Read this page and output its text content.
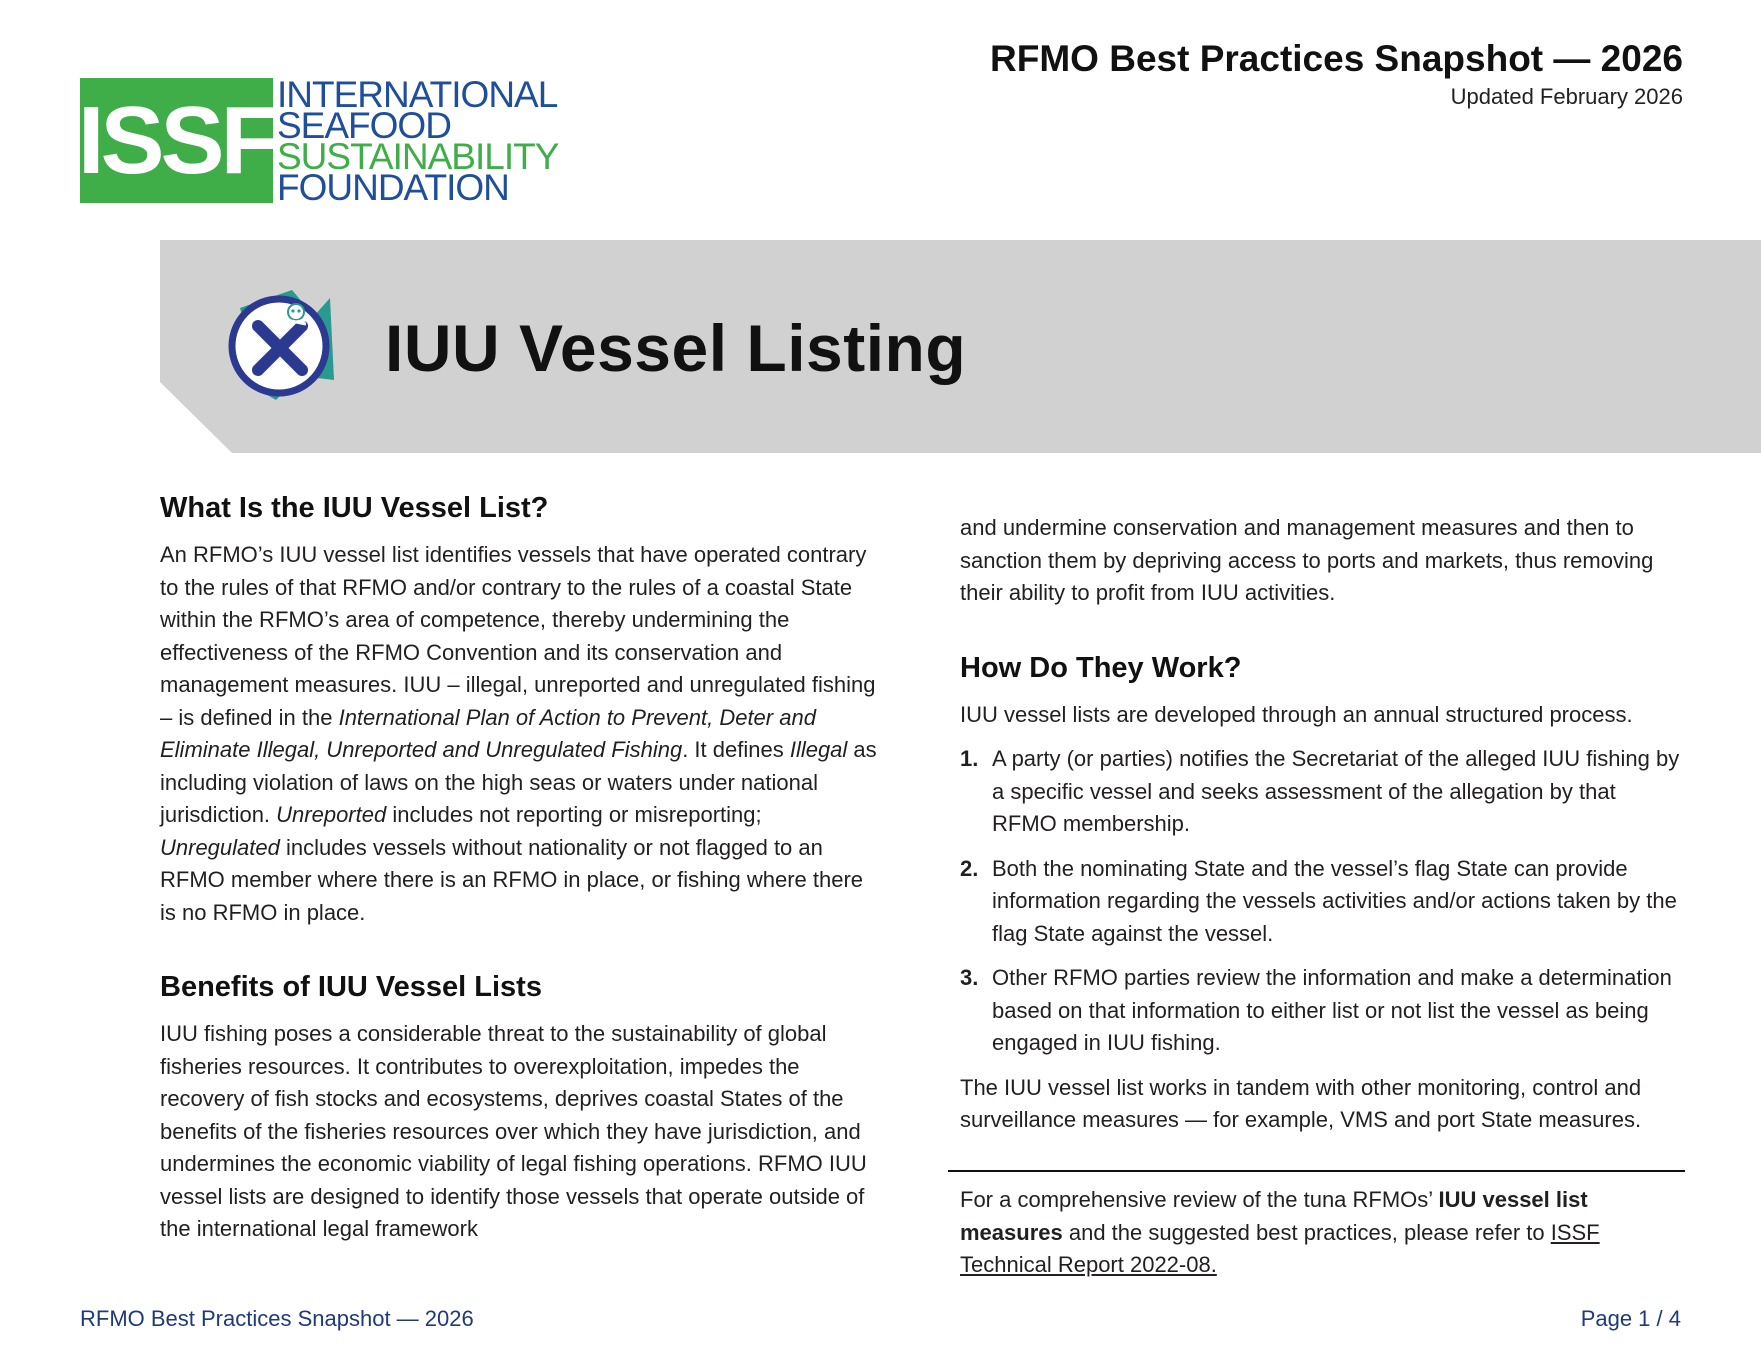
ISSF INTERNATIONAL
SEAFOOD
SUSTAINABILITY
FOUNDATION
RFMO Best Practices Snapshot — 2026
Updated February 2026
IUU Vessel Listing
What Is the IUU Vessel List?

An RFMO’s IUU vessel list identifies vessels that have operated contrary to the rules of that RFMO and/or contrary to the rules of a coastal State within the RFMO’s area of competence, thereby undermining the effectiveness of the RFMO Convention and its conservation and management measures. IUU – illegal, unreported and unregulated fishing – is defined in the International Plan of Action to Prevent, Deter and Eliminate Illegal, Unreported and Unregulated Fishing. It defines Illegal as including violation of laws on the high seas or waters under national jurisdiction. Unreported includes not reporting or misreporting; Unregulated includes vessels without nationality or not flagged to an RFMO member where there is an RFMO in place, or fishing where there is no RFMO in place.

Benefits of IUU Vessel Lists

IUU fishing poses a considerable threat to the sustainability of global fisheries resources. It contributes to overexploitation, impedes the recovery of fish stocks and ecosystems, deprives coastal States of the benefits of the fisheries resources over which they have jurisdiction, and undermines the economic viability of legal fishing operations. RFMO IUU vessel lists are designed to identify those vessels that operate outside of the international legal framework

and undermine conservation and management measures and then to sanction them by depriving access to ports and markets, thus removing their ability to profit from IUU activities.

How Do They Work?

IUU vessel lists are developed through an annual structured process.

1. A party (or parties) notifies the Secretariat of the alleged IUU fishing by a specific vessel and seeks assessment of the allegation by that RFMO membership.
2. Both the nominating State and the vessel’s flag State can provide information regarding the vessels activities and/or actions taken by the flag State against the vessel.
3. Other RFMO parties review the information and make a determination based on that information to either list or not list the vessel as being engaged in IUU fishing.

The IUU vessel list works in tandem with other monitoring, control and surveillance measures — for example, VMS and port State measures.

For a comprehensive review of the tuna RFMOs’ IUU vessel list measures and the suggested best practices, please refer to ISSF Technical Report 2022-08.
RFMO Best Practices Snapshot — 2026	Page 1 / 4
